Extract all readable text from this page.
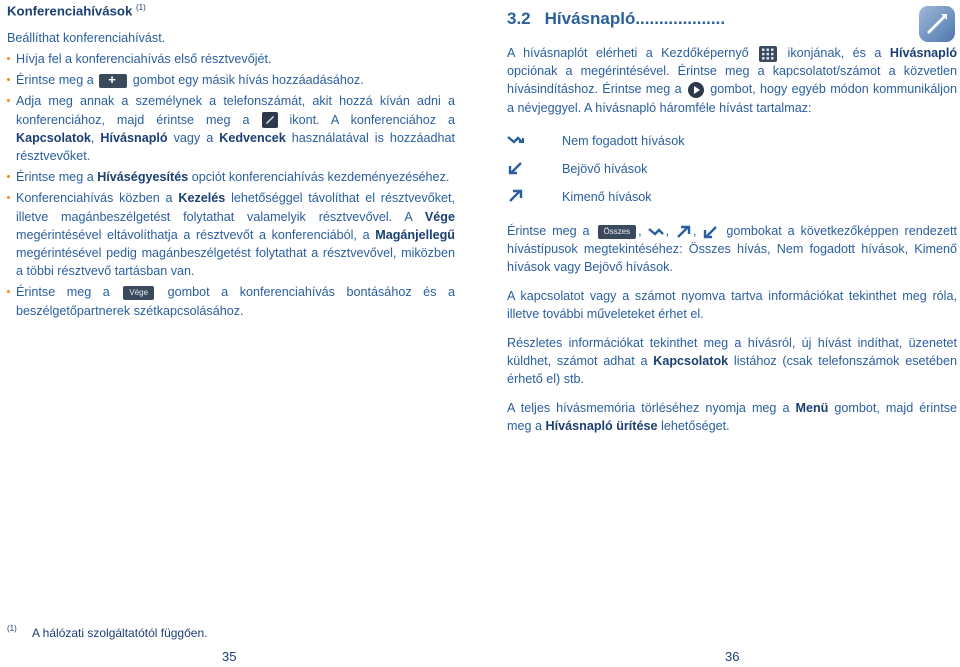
Konferenciahívások $^{(1)}$

Beállíthat konferenciahívást.

Hívja fel a konferenciahívás első résztvevőjét.
Érintse meg a +	gombot egy másik hívás hozzáadásához.
Adja meg annak a személynek a telefonszámát, akit hozzá kíván adni a konferenciához, majd érintse meg a	ikont. A konferenciához a Kapcsolatok, Hívásnapló vagy a Kedvencek használatával is hozzáadhat résztvevőket.
Érintse meg a Híváségyesítés opciót konferenciahívás kezdeményezéséhez.
Konferenciahívás közben a Kezelés lehetőséggel távolíthat el résztvevőket, illetve magánbeszélgetést folytathat valamelyik résztvevővel. A Vége megérintésével eltávolíthatja a résztvevőt a konferenciából, a Magánjellegű megérintésével pedig magánbeszélgetést folytathat a résztvevővel, miközben a többi résztvevő tartásban van.
Érintse meg a Vége gombot a konferenciahívás bontásához és a beszélgetőpartnerek szétkapcsolásához.
3.2 Hívásnapló...................
A hívásnaplót elérheti a Kezdőképernyő	ikonjának, és a Hívásnapló opciónak a megérintésével. Érintse meg a kapcsolatot/számot a közvetlen hívásindításhoz. Érintse meg a gombot, hogy egyéb módon kommunikáljon a névjeggyel. A hívásnapló háromféle hívást tartalmaz:

Nem fogadott hívások

Bejövő hívások

Kimenő hívások

Érintse meg a Összes , , , gombokat a következőképpen rendezett hívástípusok megtekintéséhez: Összes hívás, Nem fogadott hívások, Kimenő hívások vagy Bejövő hívások.

A kapcsolatot vagy a számot nyomva tartva információkat tekinthet meg róla, illetve további műveleteket érhet el.

Részletes információkat tekinthet meg a hívásról, új hívást indíthat, üzenetet küldhet, számot adhat a Kapcsolatok listához (csak telefonszámok esetében érhető el) stb.
A teljes hívásmemória törléséhez nyomja meg a Menü gombot, majd érintse meg a Hívásnapló ürítése lehetőséget.
(1) A hálózati szolgáltatótól függően.
35	36
